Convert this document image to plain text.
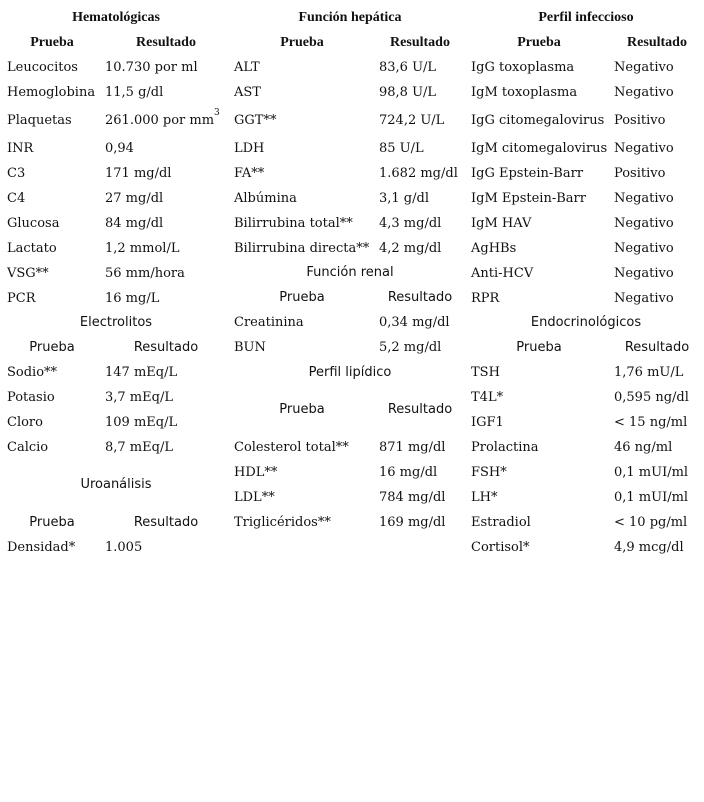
Hematológicas
Prueba	Resultado
Leucocitos 10.730 por ml
Hemoglobina 11,5 g/dl
Plaquetas	261.000 por $mm^3$
INR	0,94
C3	171 mg/dl
C4	27 mg/dl
Glucosa	84 mg/dl
Lactato	1,2 mmol/L
VSG**	56 mm/hora
PCR	16 mg/L
Electrolitos
Prueba	Resultado
Sodio**	147 mEq/L
Potasio	3,7 mEq/L
Cloro	109 mEq/L
Calcio	8,7 mEq/L
Uroanálisis
Prueba	Resultado
Densidad* 1.005
Función hepática
Prueba	Resultado
ALT	83,6 U/L
AST	98,8 U/L
GGT**	724,2 U/L
LDH	85 U/L
FA**	1.682 mg/dl
Albúmina	3,1 g/dl
Bilirrubina total** 4,3 mg/dl
Bilirrubina directa** 4,2 mg/dl
Función renal
Prueba	Resultado
Creatinina	0,34 mg/dl
BUN	5,2 mg/dl
Perfil lipídico
Prueba	Resultado
Colesterol total** 871 mg/dl
HDL**	16 mg/dl
LDL**	784 mg/dl
Triglicéridos**	169 mg/dl
Perfil infeccioso
Prueba	Resultado
IgG toxoplasma	Negativo
IgM toxoplasma	Negativo
IgG citomegalovirus Positivo
IgM citomegalovirus Negativo
IgG Epstein-Barr Positivo
IgM Epstein-Barr Negativo
IgM HAV	Negativo
AgHBs	Negativo
Anti-HCV	Negativo
RPR	Negativo
Endocrinológicos
Prueba	Resultado
TSH	1,76 mU/L
T4L*	0,595 ng/dl
IGF1	< 15 ng/ml
Prolactina	46 ng/ml
FSH*	0,1 mUI/ml
LH*	0,1 mUI/ml
Estradiol	< 10 pg/ml
Cortisol*	4,9 mcg/dl
